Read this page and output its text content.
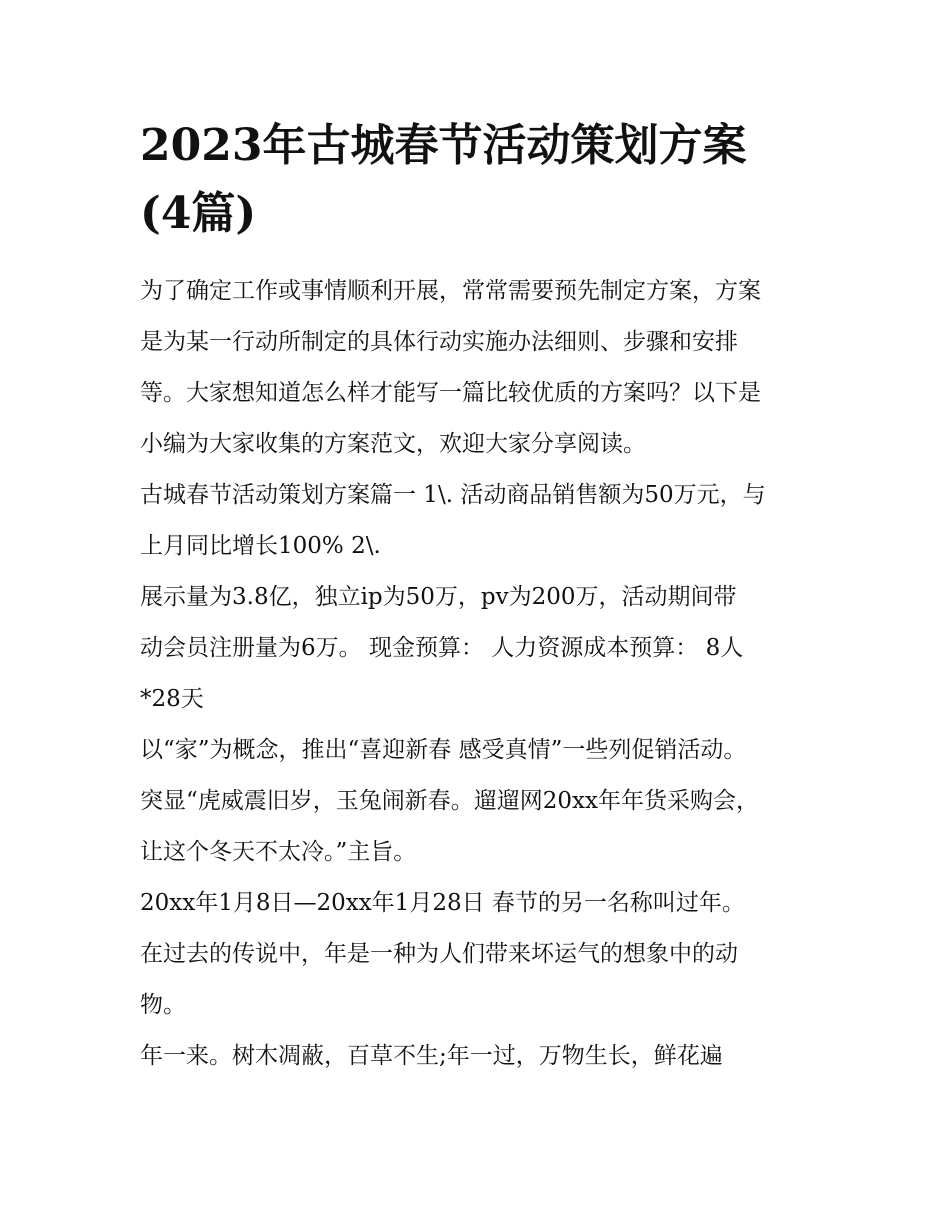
2023年古城春节活动策划方案
(4篇)

为了确定工作或事情顺利开展，常常需要预先制定方案，方案

是为某一行动所制定的具体行动实施办法细则、步骤和安排

等。大家想知道怎么样才能写一篇比较优质的方案吗？以下是

小编为大家收集的方案范文，欢迎大家分享阅读。

古城春节活动策划方案篇一 1\. 活动商品销售额为50万元，与

上月同比增长100% 2\.

展示量为3.8亿，独立ip为50万，pv为200万，活动期间带

动会员注册量为6万。 现金预算： 人力资源成本预算： 8人

*28天

以“家”为概念，推出“喜迎新春 感受真情”一些列促销活动。

突显“虎威震旧岁，玉兔闹新春。遛遛网20xx年年货采购会，

让这个冬天不太冷。”主旨。

20xx年1月8日—20xx年1月28日 春节的另一名称叫过年。

在过去的传说中，年是一种为人们带来坏运气的想象中的动

物。

年一来。树木凋蔽，百草不生;年一过，万物生长，鲜花遍
